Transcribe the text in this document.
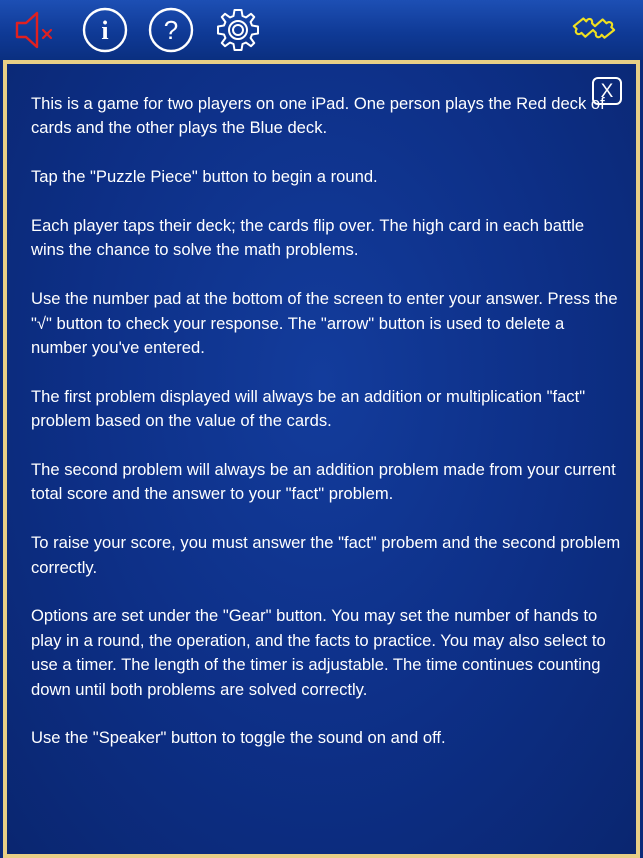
i ?
X

This is a game for two players on one iPad. One person plays the Red deck of cards and the other plays the Blue deck.

Tap the "Puzzle Piece" button to begin a round.

Each player taps their deck; the cards flip over. The high card in each battle wins the chance to solve the math problems.

Use the number pad at the bottom of the screen to enter your answer. Press the "√" button to check your response. The "arrow" button is used to delete a number you've entered.

The first problem displayed will always be an addition or multiplication "fact" problem based on the value of the cards.

The second problem will always be an addition problem made from your current total score and the answer to your "fact" problem.

To raise your score, you must answer the "fact" probem and the second problem correctly.

Options are set under the "Gear" button. You may set the number of hands to play in a round, the operation, and the facts to practice. You may also select to use a timer. The length of the timer is adjustable. The time continues counting down until both problems are solved correctly.

Use the "Speaker" button to toggle the sound on and off.
